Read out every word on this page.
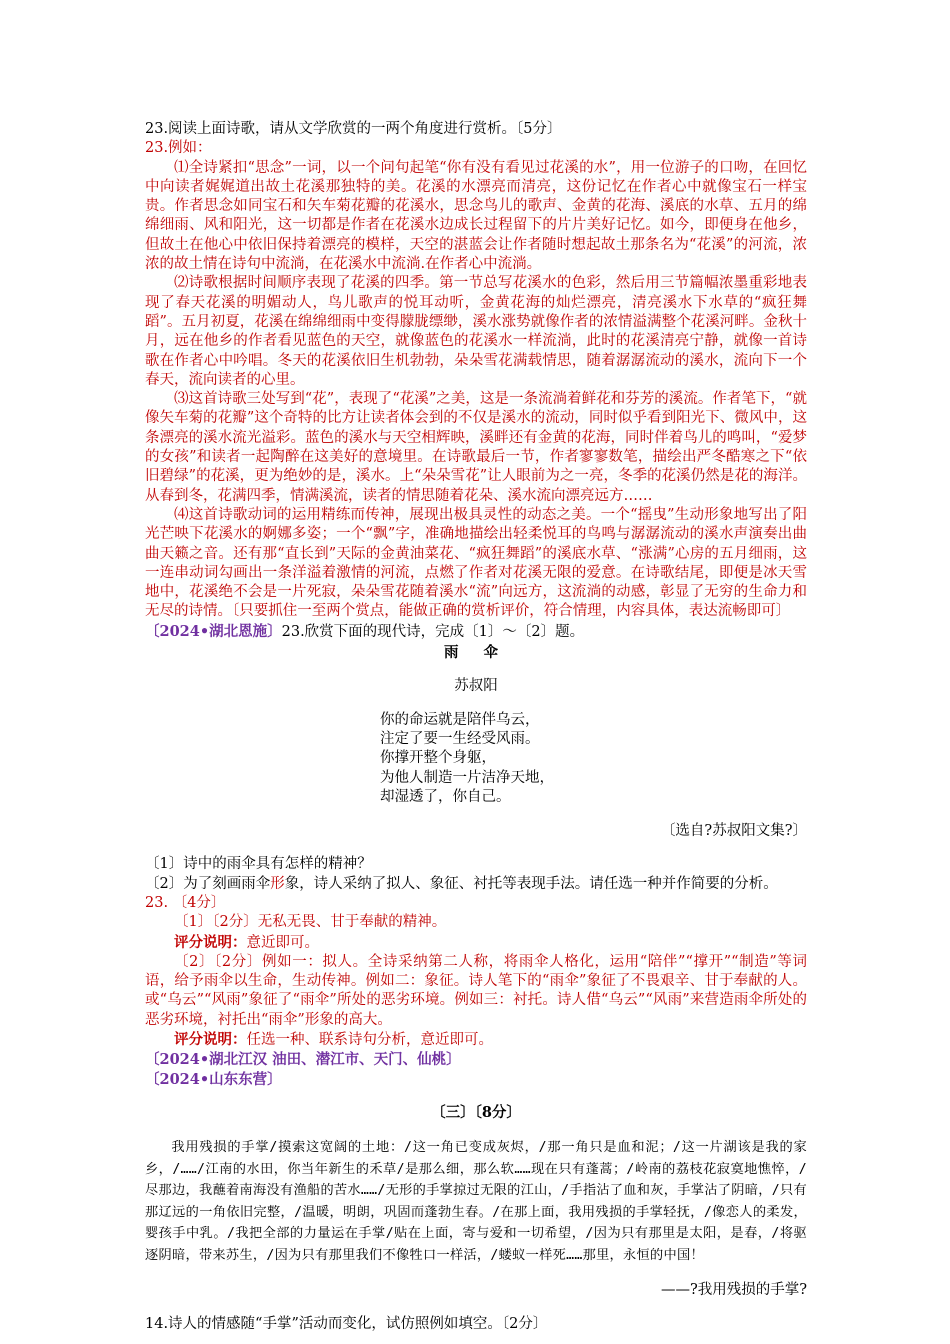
23.阅读上面诗歌，请从文学欣赏的一两个角度进行赏析。〔5分〕

23.例如：

⑴全诗紧扣“思念”一词，以一个问句起笔“你有没有看见过花溪的水”，用一位游子的口吻，在回忆中向读者娓娓道出故土花溪那独特的美。花溪的水漂亮而清亮，这份记忆在作者心中就像宝石一样宝贵。作者思念如同宝石和矢车菊花瓣的花溪水，思念鸟儿的歌声、金黄的花海、溪底的水草、五月的绵绵细雨、风和阳光，这一切都是作者在花溪水边成长过程留下的片片美好记忆。如今，即便身在他乡，但故土在他心中依旧保持着漂亮的模样，天空的湛蓝会让作者随时想起故土那条名为“花溪”的河流，浓浓的故土情在诗句中流淌，在花溪水中流淌.在作者心中流淌。

⑵诗歌根据时间顺序表现了花溪的四季。第一节总写花溪水的色彩，然后用三节篇幅浓墨重彩地表现了春天花溪的明媚动人，鸟儿歌声的悦耳动听，金黄花海的灿烂漂亮，清亮溪水下水草的“疯狂舞蹈”。五月初夏，花溪在绵绵细雨中变得朦胧缥缈，溪水涨势就像作者的浓情溢满整个花溪河畔。金秋十月，远在他乡的作者看见蓝色的天空，就像蓝色的花溪水一样流淌，此时的花溪清亮宁静，就像一首诗歌在作者心中吟唱。冬天的花溪依旧生机勃勃，朵朵雪花满载情思，随着潺潺流动的溪水，流向下一个春天，流向读者的心里。

⑶这首诗歌三处写到“花”，表现了“花溪”之美，这是一条流淌着鲜花和芬芳的溪流。作者笔下，“就像矢车菊的花瓣”这个奇特的比方让读者体会到的不仅是溪水的流动，同时似乎看到阳光下、微风中，这条漂亮的溪水流光溢彩。蓝色的溪水与天空相辉映，溪畔还有金黄的花海，同时伴着鸟儿的鸣叫，“爱梦的女孩”和读者一起陶醉在这美好的意境里。在诗歌最后一节，作者寥寥数笔，描绘出严冬酷寒之下“依旧碧绿”的花溪，更为绝妙的是，溪水。上“朵朵雪花”让人眼前为之一亮，冬季的花溪仍然是花的海洋。从春到冬，花满四季，情满溪流，读者的情思随着花朵、溪水流向漂亮远方……

⑷这首诗歌动词的运用精练而传神，展现出极具灵性的动态之美。一个“摇曳”生动形象地写出了阳光芒映下花溪水的婀娜多姿；一个“飘”字，准确地描绘出轻柔悦耳的鸟鸣与潺潺流动的溪水声演奏出曲曲天籁之音。还有那“直长到”天际的金黄油菜花、“疯狂舞蹈”的溪底水草、“涨满”心房的五月细雨，这一连串动词勾画出一条洋溢着激情的河流，点燃了作者对花溪无限的爱意。在诗歌结尾，即便是冰天雪地中，花溪绝不会是一片死寂，朵朵雪花随着溪水“流”向远方，这流淌的动感，彰显了无穷的生命力和无尽的诗情。〔只要抓住一至两个赏点，能做正确的赏析评价，符合情理，内容具体，表达流畅即可〕

〔2024•湖北恩施〕23.欣赏下面的现代诗，完成〔1〕～〔2〕题。

雨 伞

苏叔阳

你的命运就是陪伴乌云，

注定了要一生经受风雨。

你撑开整个身躯，

为他人制造一片洁净天地，

却湿透了，你自己。

〔选自?苏叔阳文集?〕

〔1〕诗中的雨伞具有怎样的精神？

〔2〕为了刻画雨伞形象，诗人采纳了拟人、象征、衬托等表现手法。请任选一种并作简要的分析。

23. 〔4分〕

〔1〕〔2分〕无私无畏、甘于奉献的精神。

评分说明：意近即可。

〔2〕〔2分〕例如一：拟人。全诗采纳第二人称，将雨伞人格化，运用“陪伴”“撑开”“制造”等词语，给予雨伞以生命，生动传神。例如二：象征。诗人笔下的“雨伞”象征了不畏艰辛、甘于奉献的人。或“乌云”“风雨”象征了“雨伞”所处的恶劣环境。例如三：衬托。诗人借“乌云”“风雨”来营造雨伞所处的恶劣环境，衬托出“雨伞”形象的高大。

评分说明：任选一种、联系诗句分析，意近即可。

〔2024•湖北江汉 油田、潜江市、天门、仙桃〕

〔2024•山东东营〕

〔三〕〔8分〕

我用残损的手掌/摸索这宽阔的土地：/这一角已变成灰烬，/那一角只是血和泥；/这一片湖该是我的家乡，/……/江南的水田，你当年新生的禾草/是那么细，那么软……现在只有蓬蒿；/岭南的荔枝花寂寞地憔悴，/尽那边，我蘸着南海没有渔船的苦水……/无形的手掌掠过无限的江山，/手指沾了血和灰，手掌沾了阴暗，/只有那辽远的一角依旧完整，/温暖，明朗，巩固而蓬勃生春。/在那上面，我用残损的手掌轻抚，/像恋人的柔发，婴孩手中乳。/我把全部的力量运在手掌/贴在上面，寄与爱和一切希望，/因为只有那里是太阳，是春，/将驱逐阴暗，带来苏生，/因为只有那里我们不像牲口一样活，/蝼蚁一样死……那里，永恒的中国！

——?我用残损的手掌?

14.诗人的情感随“手掌”活动而变化，试仿照例如填空。〔2分〕
